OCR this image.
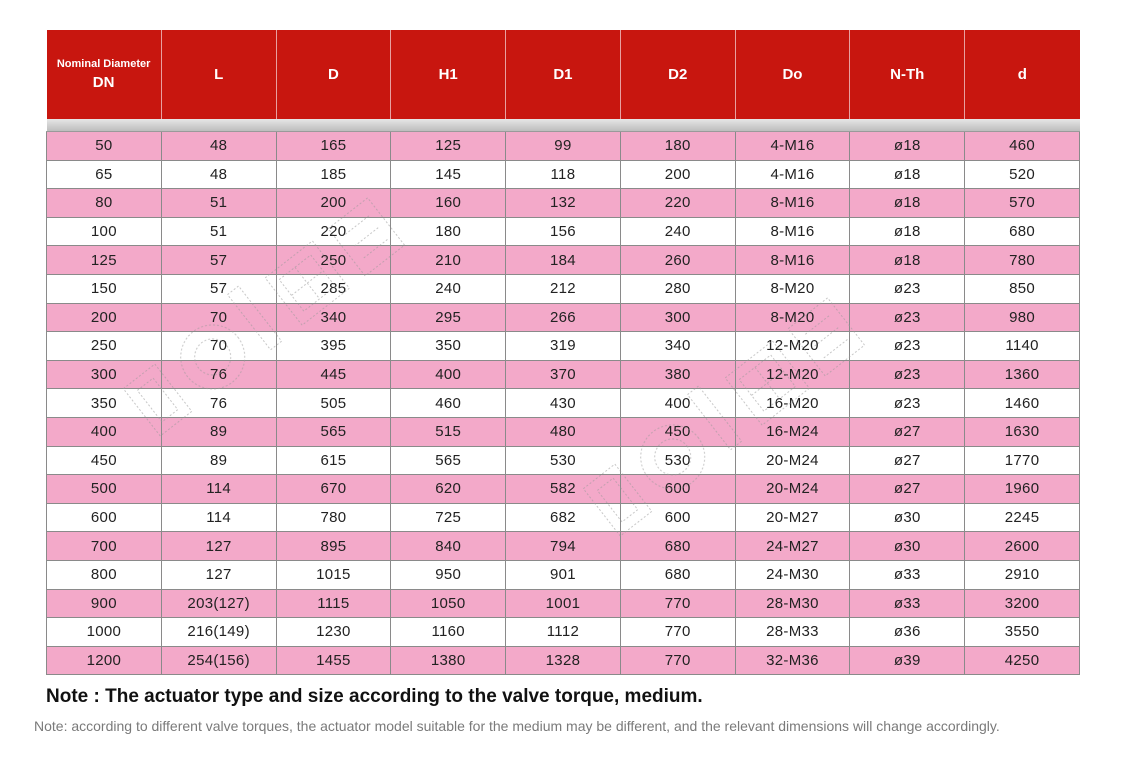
Nominal Diameter
DN	L	D	H1	D1	D2	Do	N-Th	d

50	48	165	125	99	180	4-M16	ø18	460
65	48	185	145	118	200	4-M16	ø18	520
80	51	200	160	132	220	8-M16	ø18	570
100	51	220	180	156	240	8-M16	ø18	680
125	57	250	210	184	260	8-M16	ø18	780
150	57	285	240	212	280	8-M20	ø23	850
200	70	340	295	266	300	8-M20	ø23	980
250	70	395	350	319	340	12-M20	ø23	1140
300	76	445	400	370	380	12-M20	ø23	1360
350	76	505	460	430	400	16-M20	ø23	1460
400	89	565	515	480	450	16-M24	ø27	1630
450	89	615	565	530	530	20-M24	ø27	1770
500	114	670	620	582	600	20-M24	ø27	1960
600	114	780	725	682	600	20-M27	ø30	2245
700	127	895	840	794	680	24-M27	ø30	2600
800	127	1015	950	901	680	24-M30	ø33	2910
900	203(127)	1115	1050	1001	770	28-M30	ø33	3200
1000	216(149)	1230	1160	1112	770	28-M33	ø36	3550
1200	254(156)	1455	1380	1328	770	32-M36	ø39	4250
Note : The actuator type and size according to the valve torque, medium.
Note: according to different valve torques, the actuator model suitable for the medium may be different, and the relevant dimensions will change accordingly.
